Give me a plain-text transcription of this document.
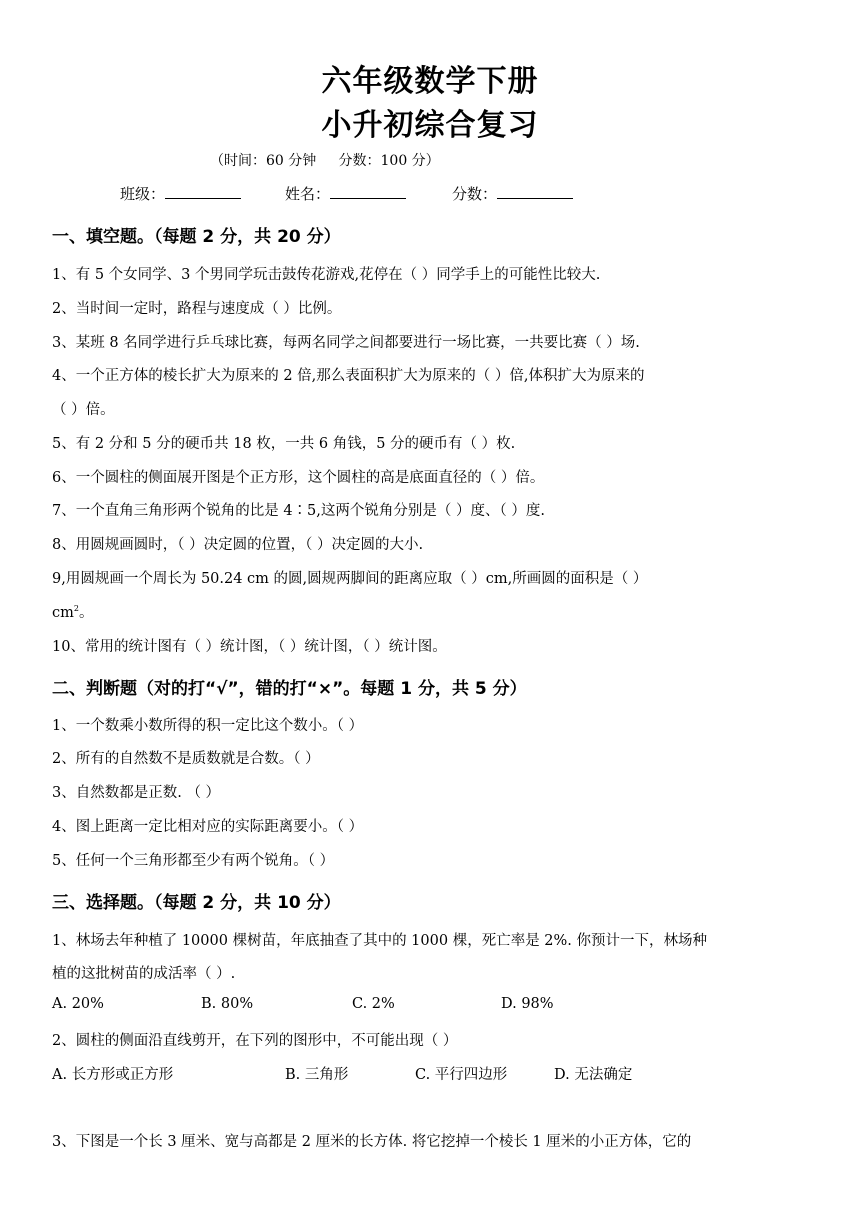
六年级数学下册
小升初综合复习
（时间：60 分钟     分数：100 分）
班级：	姓名：	分数：
一、填空题。（每题 2 分，共 20 分）
1、有 5 个女同学、3 个男同学玩击鼓传花游戏,花停在（ ）同学手上的可能性比较大.
2、当时间一定时，路程与速度成（ ）比例。
3、某班 8 名同学进行乒乓球比赛，每两名同学之间都要进行一场比赛，一共要比赛（ ）场.
4、一个正方体的棱长扩大为原来的 2 倍,那么表面积扩大为原来的（ ）倍,体积扩大为原来的
（ ）倍。
5、有 2 分和 5 分的硬币共 18 枚，一共 6 角钱，5 分的硬币有（ ）枚.
6、一个圆柱的侧面展开图是个正方形，这个圆柱的高是底面直径的（ ）倍。
7、一个直角三角形两个锐角的比是 4∶5,这两个锐角分别是（ ）度、（ ）度.
8、用圆规画圆时，（ ）决定圆的位置，（ ）决定圆的大小.
9,用圆规画一个周长为 50.24 cm 的圆,圆规两脚间的距离应取（ ）cm,所画圆的面积是（ ）
$cm^2$。
10、常用的统计图有（ ）统计图，（ ）统计图，（ ）统计图。
二、判断题（对的打“√”，错的打“×”。每题 1 分，共 5 分）
1、一个数乘小数所得的积一定比这个数小。（ ）
2、所有的自然数不是质数就是合数。（ ）
3、自然数都是正数. （ ）
4、图上距离一定比相对应的实际距离要小。（ ）
5、任何一个三角形都至少有两个锐角。（ ）
三、选择题。（每题 2 分，共 10 分）
1、林场去年种植了 10000 棵树苗，年底抽查了其中的 1000 棵，死亡率是 2%. 你预计一下，林场种
植的这批树苗的成活率（ ）.
A. 20%	B. 80%	C. 2%	D. 98%
2、圆柱的侧面沿直线剪开，在下列的图形中，不可能出现（ ）
A. 长方形或正方形	B. 三角形	C. 平行四边形	D. 无法确定
3、下图是一个长 3 厘米、宽与高都是 2 厘米的长方体. 将它挖掉一个棱长 1 厘米的小正方体，它的
